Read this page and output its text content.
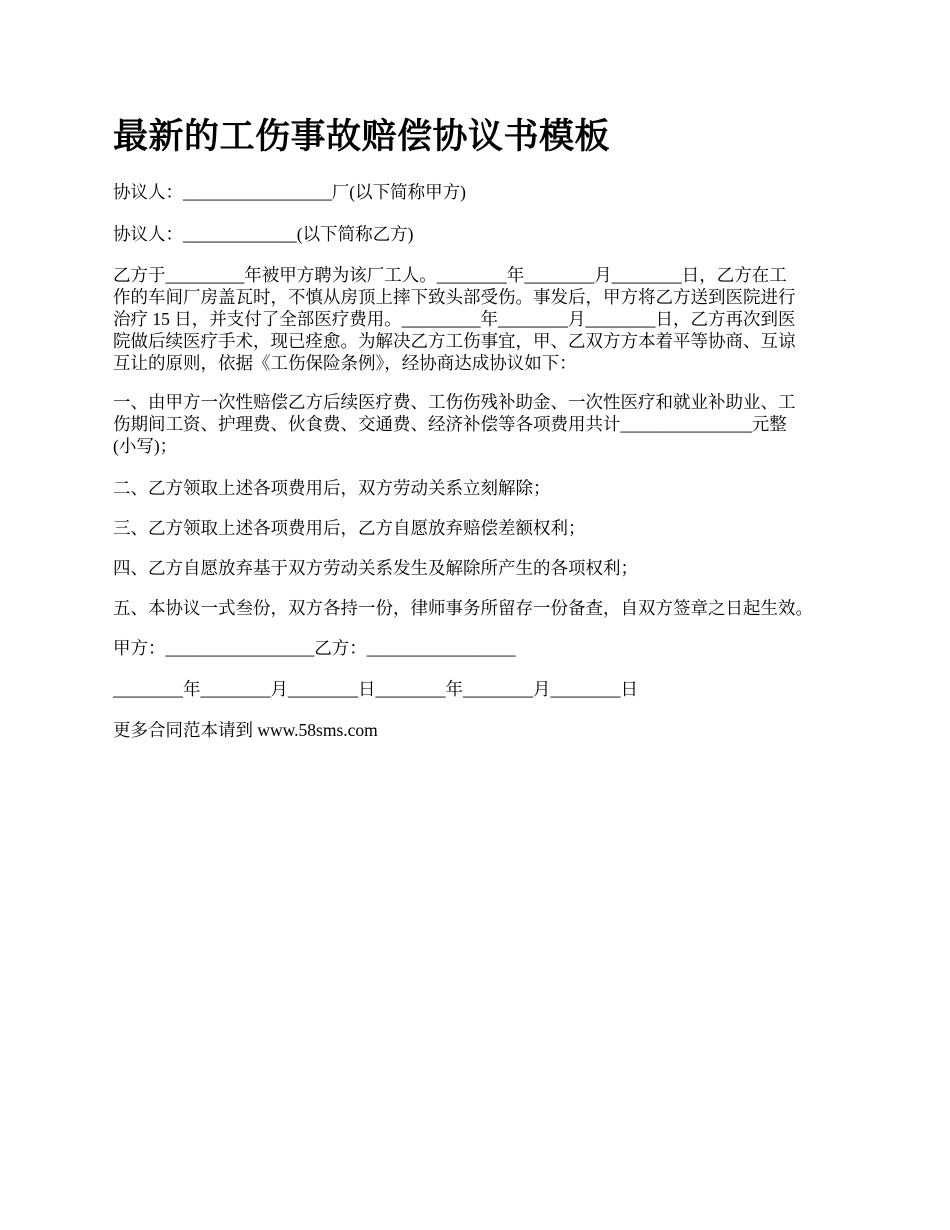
最新的工伤事故赔偿协议书模板

协议人：_________________厂(以下简称甲方)

协议人：_____________(以下简称乙方)

乙方于_________年被甲方聘为该厂工人。________年________月________日，乙方在工
作的车间厂房盖瓦时，不慎从房顶上摔下致头部受伤。事发后，甲方将乙方送到医院进行
治疗 15 日，并支付了全部医疗费用。_________年________月________日，乙方再次到医
院做后续医疗手术，现已痊愈。为解决乙方工伤事宜，甲、乙双方方本着平等协商、互谅
互让的原则，依据《工伤保险条例》，经协商达成协议如下：
一、由甲方一次性赔偿乙方后续医疗费、工伤伤残补助金、一次性医疗和就业补助业、工
伤期间工资、护理费、伙食费、交通费、经济补偿等各项费用共计_______________元整
(小写)；

二、乙方领取上述各项费用后，双方劳动关系立刻解除；

三、乙方领取上述各项费用后，乙方自愿放弃赔偿差额权利；

四、乙方自愿放弃基于双方劳动关系发生及解除所产生的各项权利；

五、本协议一式叁份，双方各持一份，律师事务所留存一份备查，自双方签章之日起生效。

甲方：_________________乙方：_________________

________年________月________日________年________月________日

更多合同范本请到 www.58sms.com
